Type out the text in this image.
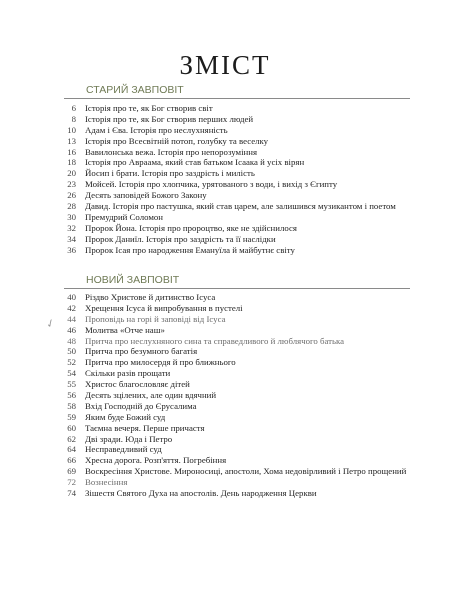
ЗМІСТ
СТАРИЙ ЗАВПОВІТ
6 Історія про те, як Бог створив світ
8 Історія про те, як Бог створив перших людей
10 Адам і Єва. Історія про неслухняність
13 Історія про Всесвітній потоп, голубку та веселку
16 Вавилонська вежа. Історія про непорозуміння
18 Історія про Авраама, який став батьком Ісаака й усіх вірян
20 Йосип і брати. Історія про заздрість і милість
23 Мойсей. Історія про хлопчика, урятованого з води, і вихід з Єгипту
26 Десять заповідей Божого Закону
28 Давид. Історія про пастушка, який став царем, але залишився музикантом і поетом
30 Премудрий Соломон
32 Пророк Йона. Історія про пророцтво, яке не здійснилося
34 Пророк Даниїл. Історія про заздрість та її наслідки
36 Пророк Ісая про народження Емануїла й майбутнє світу
НОВИЙ ЗАВПОВІТ
40 Різдво Христове й дитинство Ісуса
42 Хрещення Ісуса й випробування в пустелі
44 Проповідь на горі й заповіді від Ісуса
46 Молитва «Отче наш»
48 Притча про неслухняного сина та справедливого й люблячого батька
50 Притча про безумного багатія
52 Притча про милосердя й про ближнього
54 Скільки разів прощати
55 Христос благословляє дітей
56 Десять зцілених, але один вдячний
58 Вхід Господній до Єрусалима
59 Яким буде Божий суд
60 Таємна вечеря. Перше причастя
62 Дві зради. Юда і Петро
64 Несправедливий суд
66 Хресна дорога. Розп'яття. Погребіння
69 Воскресіння Христове. Мироносиці, апостоли, Хома недовірливий і Петро прощений
72 Вознесіння
74 Зішестя Святого Духа на апостолів. День народження Церкви
✓
